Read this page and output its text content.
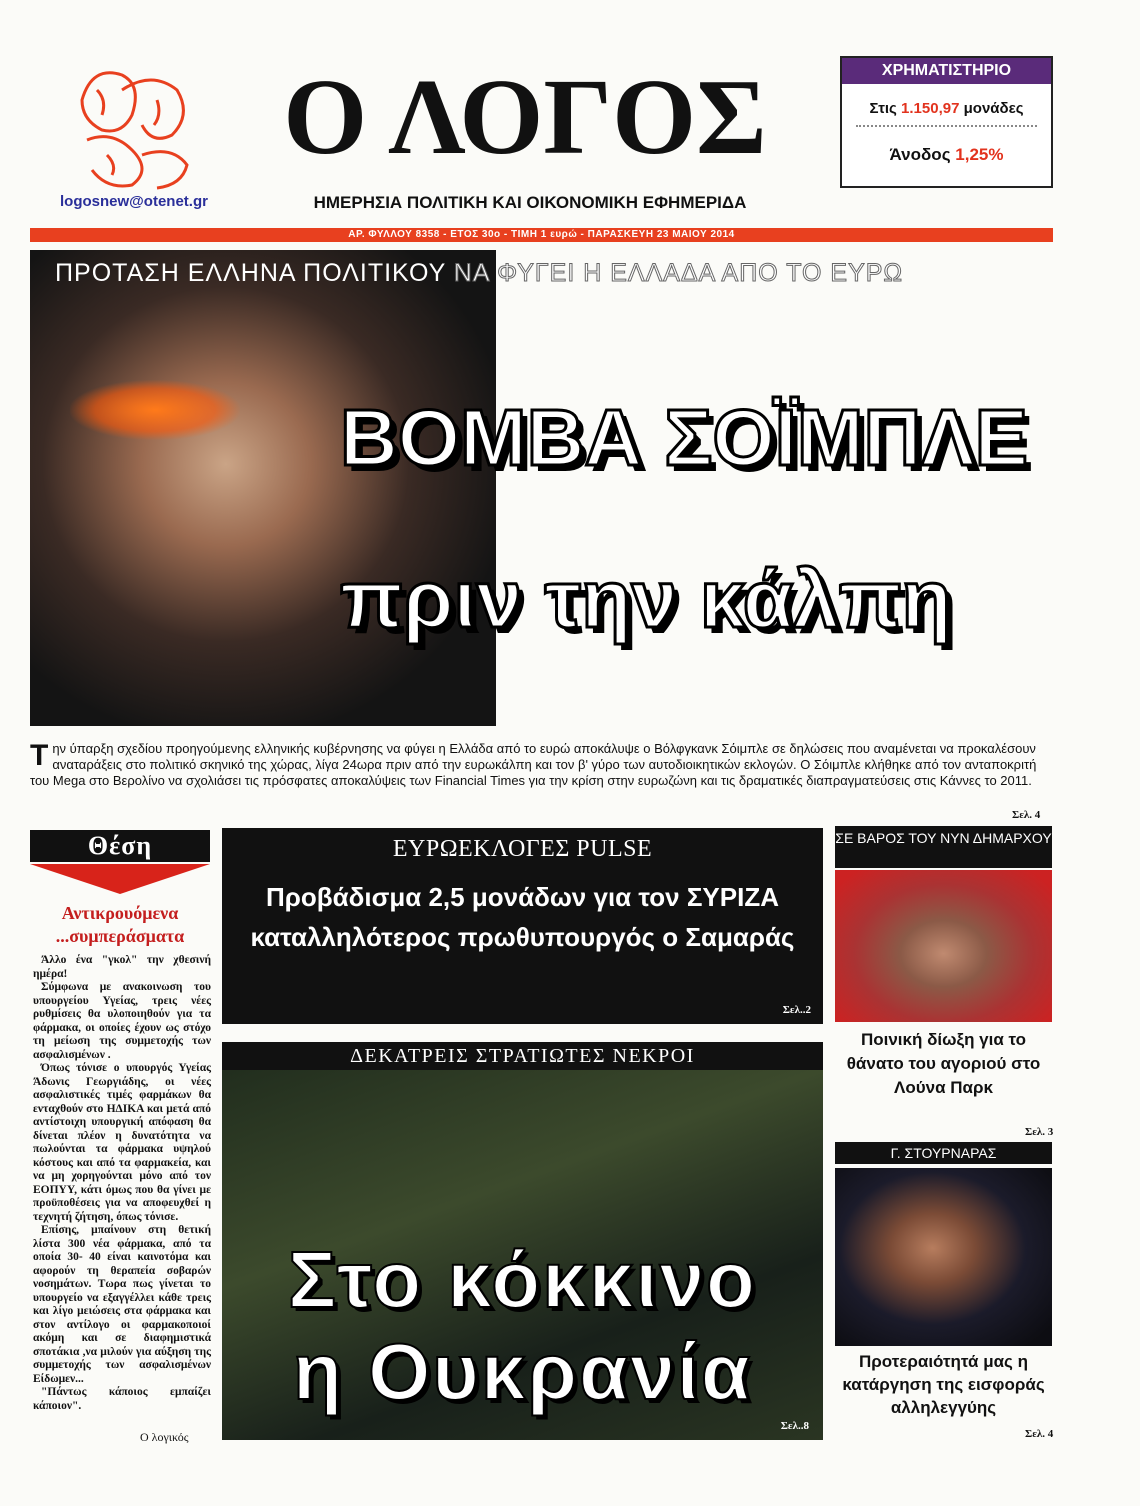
logosnew@otenet.gr
Ο ΛΟΓΟΣ
ΗΜΕΡΗΣΙΑ ΠΟΛΙΤΙΚΗ ΚΑΙ ΟΙΚΟΝΟΜΙΚΗ ΕΦΗΜΕΡΙΔΑ
ΧΡΗΜΑΤΙΣΤΗΡΙΟ
Στις 1.150,97 μονάδες
Άνοδος 1,25%
ΑΡ. ΦΥΛΛΟΥ 8358 - ΕΤΟΣ 30ο - ΤΙΜΗ 1 ευρώ - ΠΑΡΑΣΚΕΥΗ 23 ΜΑΙΟΥ 2014
ΠΡΟΤΑΣΗ ΕΛΛΗΝΑ ΠΟΛΙΤΙΚΟΥ ΝΑ ΦΥΓΕΙ Η ΕΛΛΑΔΑ ΑΠΟ ΤΟ ΕΥΡΩ
ΒΟΜΒΑ ΣΟΪΜΠΛΕ
πριν την κάλπη
Την ύπαρξη σχεδίου προηγούμενης ελληνικής κυβέρνησης να φύγει η Ελλάδα από το ευρώ αποκάλυψε ο Βόλφγκανκ Σόιμπλε σε δηλώσεις που αναμένεται να προκαλέσουν αναταράξεις στο πολιτικό σκηνικό της χώρας, λίγα 24ωρα πριν από την ευρωκάλπη και τον β' γύρο των αυτοδιοικητικών εκλογών. Ο Σόιμπλε κλήθηκε από τον ανταποκριτή του Mega στο Βερολίνο να σχολιάσει τις πρόσφατες αποκαλύψεις των Financial Times για την κρίση στην ευρωζώνη και τις δραματικές διαπραγματεύσεις στις Κάννες το 2011.
Σελ. 4
Θέση
Αντικρουόμενα
...συμπεράσματα

Άλλο ένα "γκολ" την χθεσινή ημέρα!

Σύμφωνα με ανακοινωση του υπουργείου Υγείας, τρεις νέες ρυθμίσεις θα υλοποιηθούν για τα φάρμακα, οι οποίες έχουν ως στόχο τη μείωση της συμμετοχής των ασφαλισμένων .

Όπως τόνισε ο υπουργός Υγείας Άδωνις Γεωργιάδης, οι νέες ασφαλιστικές τιμές φαρμάκων θα ενταχθούν στο ΗΔΙΚΑ και μετά από αντίστοιχη υπουργική απόφαση θα δίνεται πλέον η δυνατότητα να πωλούνται τα φάρμακα υψηλού κόστους και από τα φαρμακεία, και να μη χορηγούνται μόνο από τον ΕΟΠΥΥ, κάτι όμως που θα γίνει με προϋποθέσεις για να αποφευχθεί η τεχνητή ζήτηση, όπως τόνισε.

Επίσης, μπαίνουν στη θετική λίστα 300 νέα φάρμακα, από τα οποία 30- 40 είναι καινοτόμα και αφορούν τη θεραπεία σοβαρών νοσημάτων. Τωρα πως γίνεται το υπουργείο να εξαγγέλλει κάθε τρεις και λίγο μειώσεις στα φάρμακα και στον αντίλογο οι φαρμακοποιοί ακόμη και σε διαφημιστικά σποτάκια ,να μιλούν για αύξηση της συμμετοχής των ασφαλισμένων Είδωμεν...

"Πάντως κάποιος εμπαίζει κάποιον".

Ο λογικός
ΕΥΡΩΕΚΛΟΓΕΣ PULSE
Προβάδισμα 2,5 μονάδων για τον ΣΥΡΙΖΑ
καταλληλότερος πρωθυπουργός ο Σαμαράς
Σελ..2
ΔΕΚΑΤΡΕΙΣ ΣΤΡΑΤΙΩΤΕΣ ΝΕΚΡΟΙ
Στο κόκκινο
η Ουκρανία
Σελ..8
ΣΕ ΒΑΡΟΣ ΤΟΥ ΝΥΝ ΔΗΜΑΡΧΟΥ
Ποινική δίωξη για το θάνατο του αγοριού στο Λούνα Παρκ
Σελ. 3
Γ. ΣΤΟΥΡΝΑΡΑΣ
Προτεραιότητά μας η κατάργηση της εισφοράς αλληλεγγύης
Σελ. 4
